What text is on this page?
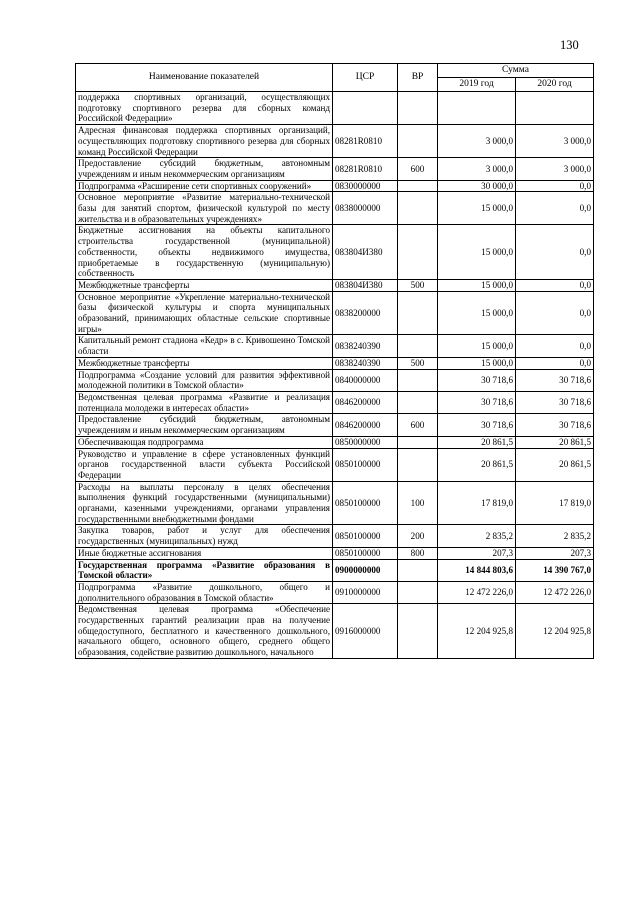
130
Наименование показателей	ЦСР	ВР	Сумма	
			2019 год	2020 год
поддержка спортивных организаций, осуществляющих подготовку спортивного резерва для сборных команд Российской Федерации»				
Адресная финансовая поддержка спортивных организаций, осуществляющих подготовку спортивного резерва для сборных команд Российской Федерации	08281R0810		3 000,0	3 000,0
Предоставление субсидий бюджетным, автономным учреждениям и иным некоммерческим организациям	08281R0810	600	3 000,0	3 000,0
Подпрограмма «Расширение сети спортивных сооружений»	0830000000		30 000,0	0,0
Основное мероприятие «Развитие материально-технической базы для занятий спортом, физической культурой по месту жительства и в образовательных учреждениях»	0838000000		15 000,0	0,0
Бюджетные ассигнования на объекты капитального строительства государственной (муниципальной) собственности, объекты недвижимого имущества, приобретаемые в государственную (муниципальную) собственность	083804И380		15 000,0	0,0
Межбюджетные трансферты	083804И380	500	15 000,0	0,0
Основное мероприятие «Укрепление материально-технической базы физической культуры и спорта муниципальных образований, принимающих областные сельские спортивные игры»	0838200000		15 000,0	0,0
Капитальный ремонт стадиона «Кедр» в с. Кривошеино Томской области	0838240390		15 000,0	0,0
Межбюджетные трансферты	0838240390	500	15 000,0	0,0
Подпрограмма «Создание условий для развития эффективной молодежной политики в Томской области»	0840000000		30 718,6	30 718,6
Ведомственная целевая программа «Развитие и реализация потенциала молодежи в интересах области»	0846200000		30 718,6	30 718,6
Предоставление субсидий бюджетным, автономным учреждениям и иным некоммерческим организациям	0846200000	600	30 718,6	30 718,6
Обеспечивающая подпрограмма	0850000000		20 861,5	20 861,5
Руководство и управление в сфере установленных функций органов государственной власти субъекта Российской Федерации	0850100000		20 861,5	20 861,5
Расходы на выплаты персоналу в целях обеспечения выполнения функций государственными (муниципальными) органами, казенными учреждениями, органами управления государственными внебюджетными фондами	0850100000	100	17 819,0	17 819,0
Закупка товаров, работ и услуг для обеспечения государственных (муниципальных) нужд	0850100000	200	2 835,2	2 835,2
Иные бюджетные ассигнования	0850100000	800	207,3	207,3
Государственная программа «Развитие образования в Томской области»	0900000000		14 844 803,6	14 390 767,0
Подпрограмма «Развитие дошкольного, общего и дополнительного образования в Томской области»	0910000000		12 472 226,0	12 472 226,0
Ведомственная целевая программа «Обеспечение государственных гарантий реализации прав на получение общедоступного, бесплатного и качественного дошкольного, начального общего, основного общего, среднего общего образования, содействие развитию дошкольного, начального	0916000000		12 204 925,8	12 204 925,8
